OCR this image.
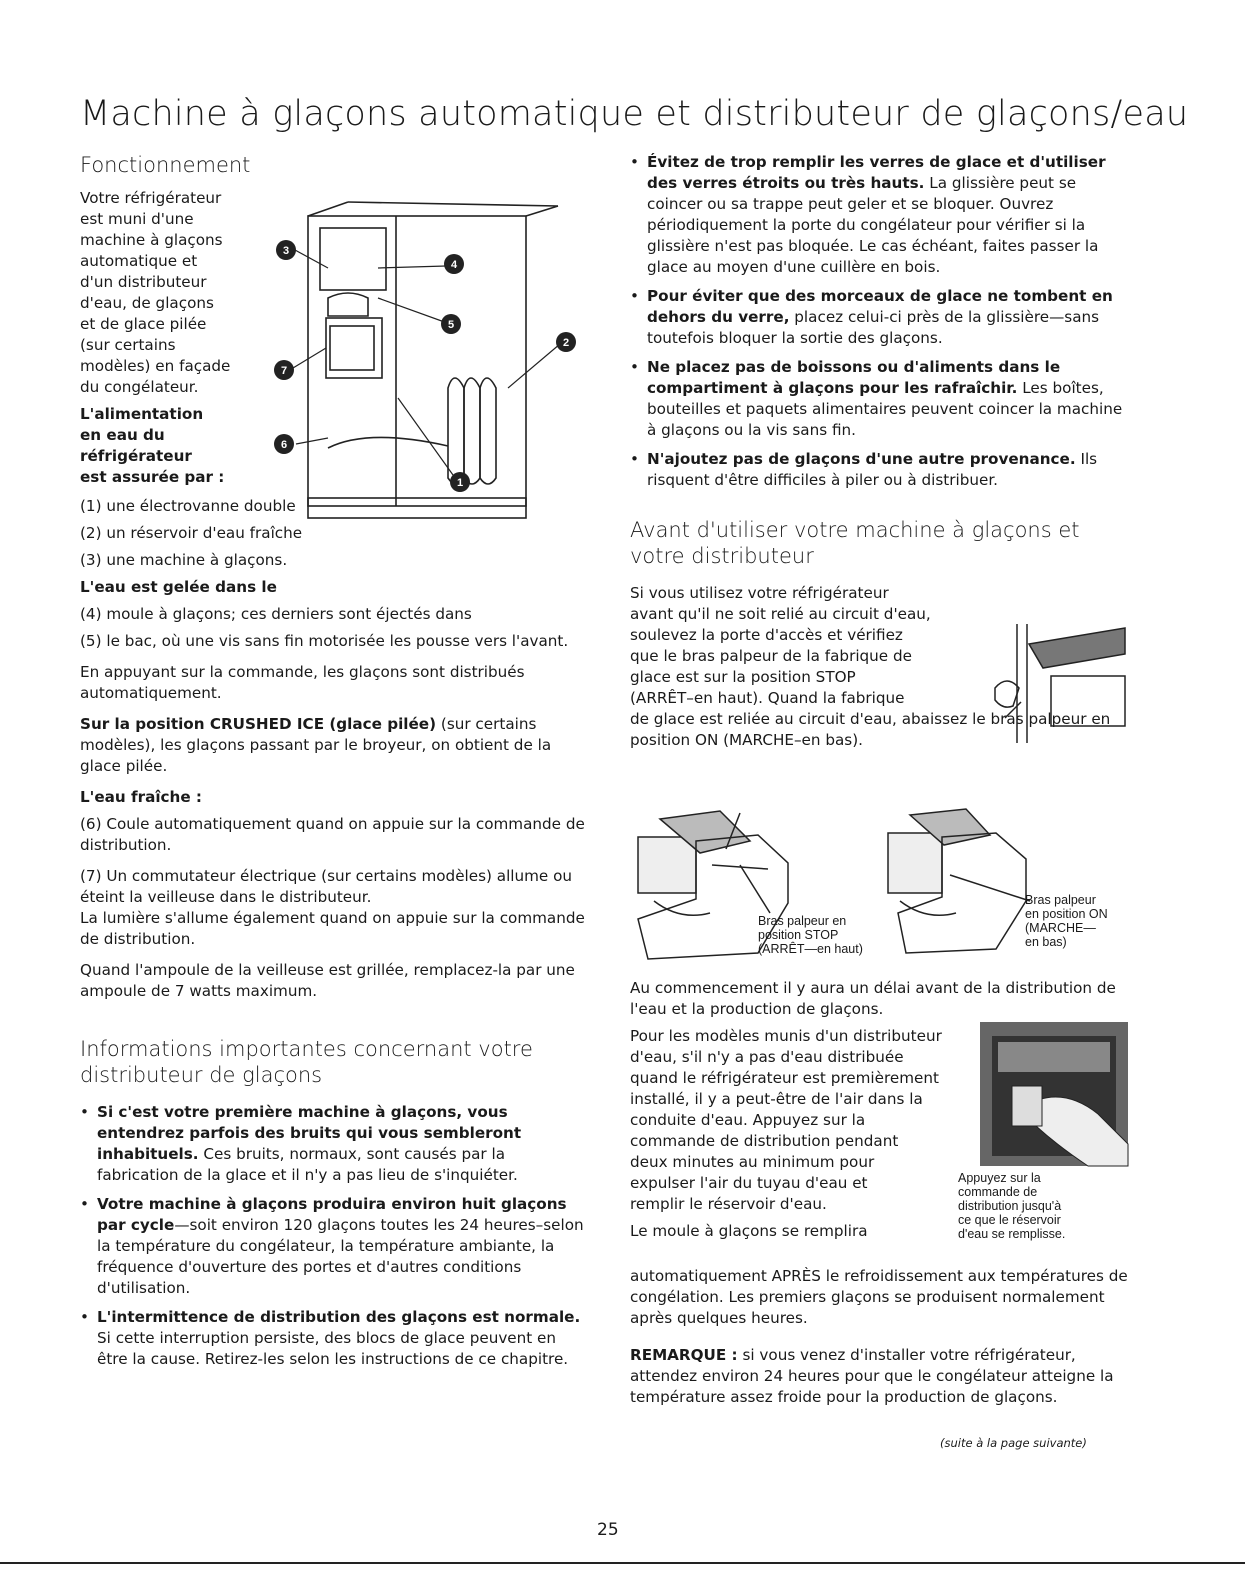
Machine à glaçons automatique et distributeur de glaçons/eau
Fonctionnement
Votre réfrigérateur
est muni d'une
machine à glaçons
automatique et
d'un distributeur
d'eau, de glaçons
et de glace pilée
(sur certains
modèles) en façade
du congélateur.
L'alimentation
en eau du
réfrigérateur
est assurée par :

(1) une électrovanne double

(2) un réservoir d'eau fraîche

(3) une machine à glaçons.

L'eau est gelée dans le

(4) moule à glaçons; ces derniers sont éjectés dans

(5) le bac, où une vis sans fin motorisée les pousse vers l'avant.

En appuyant sur la commande, les glaçons sont distribués automatiquement.

Sur la position CRUSHED ICE (glace pilée) (sur certains modèles), les glaçons passant par le broyeur, on obtient de la glace pilée.

L'eau fraîche :

(6) Coule automatiquement quand on appuie sur la commande de distribution.

(7) Un commutateur électrique (sur certains modèles) allume ou éteint la veilleuse dans le distributeur.

La lumière s'allume également quand on appuie sur la commande de distribution.

Quand l'ampoule de la veilleuse est grillée, remplacez-la par une ampoule de 7 watts maximum.

Informations importantes concernant votre distributeur de glaçons
• Si c'est votre première machine à glaçons, vous entendrez parfois des bruits qui vous sembleront inhabituels. Ces bruits, normaux, sont causés par la fabrication de la glace et il n'y a pas lieu de s'inquiéter.
• Votre machine à glaçons produira environ huit glaçons par cycle—soit environ 120 glaçons toutes les 24 heures–selon la température du congélateur, la température ambiante, la fréquence d'ouverture des portes et d'autres conditions d'utilisation.
• L'intermittence de distribution des glaçons est normale. Si cette interruption persiste, des blocs de glace peuvent en être la cause. Retirez-les selon les instructions de ce chapitre.
3
4
5
2
7
6
1
• Évitez de trop remplir les verres de glace et d'utiliser des verres étroits ou très hauts. La glissière peut se coincer ou sa trappe peut geler et se bloquer. Ouvrez périodiquement la porte du congélateur pour vérifier si la glissière n'est pas bloquée. Le cas échéant, faites passer la glace au moyen d'une cuillère en bois.
• Pour éviter que des morceaux de glace ne tombent en dehors du verre, placez celui-ci près de la glissière—sans toutefois bloquer la sortie des glaçons.
• Ne placez pas de boissons ou d'aliments dans le compartiment à glaçons pour les rafraîchir. Les boîtes, bouteilles et paquets alimentaires peuvent coincer la machine à glaçons ou la vis sans fin.
• N'ajoutez pas de glaçons d'une autre provenance. Ils risquent d'être difficiles à piler ou à distribuer.
Avant d'utiliser votre machine à glaçons et votre distributeur
Si vous utilisez votre réfrigérateur
avant qu'il ne soit relié au circuit d'eau,
soulevez la porte d'accès et vérifiez
que le bras palpeur de la fabrique de
glace est sur la position STOP
(ARRÊT–en haut). Quand la fabrique
de glace est reliée au circuit d'eau, abaissez le bras palpeur en position ON (MARCHE–en bas).
Bras palpeur en
position STOP
(ARRÊT—en haut)
Bras palpeur
en position ON
(MARCHE—
en bas)
Au commencement il y aura un délai avant de la distribution de l'eau et la production de glaçons.
Pour les modèles munis d'un distributeur
d'eau, s'il n'y a pas d'eau distribuée
quand le réfrigérateur est premièrement
installé, il y a peut-être de l'air dans la
conduite d'eau. Appuyez sur la
commande de distribution pendant
deux minutes au minimum pour
expulser l'air du tuyau d'eau et
remplir le réservoir d'eau.
Le moule à glaçons se remplira
Appuyez sur la
commande de
distribution jusqu'à
ce que le réservoir
d'eau se remplisse.
automatiquement APRÈS le refroidissement aux températures de congélation. Les premiers glaçons se produisent normalement après quelques heures.
REMARQUE : si vous venez d'installer votre réfrigérateur, attendez environ 24 heures pour que le congélateur atteigne la température assez froide pour la production de glaçons.
(suite à la page suivante)
25
